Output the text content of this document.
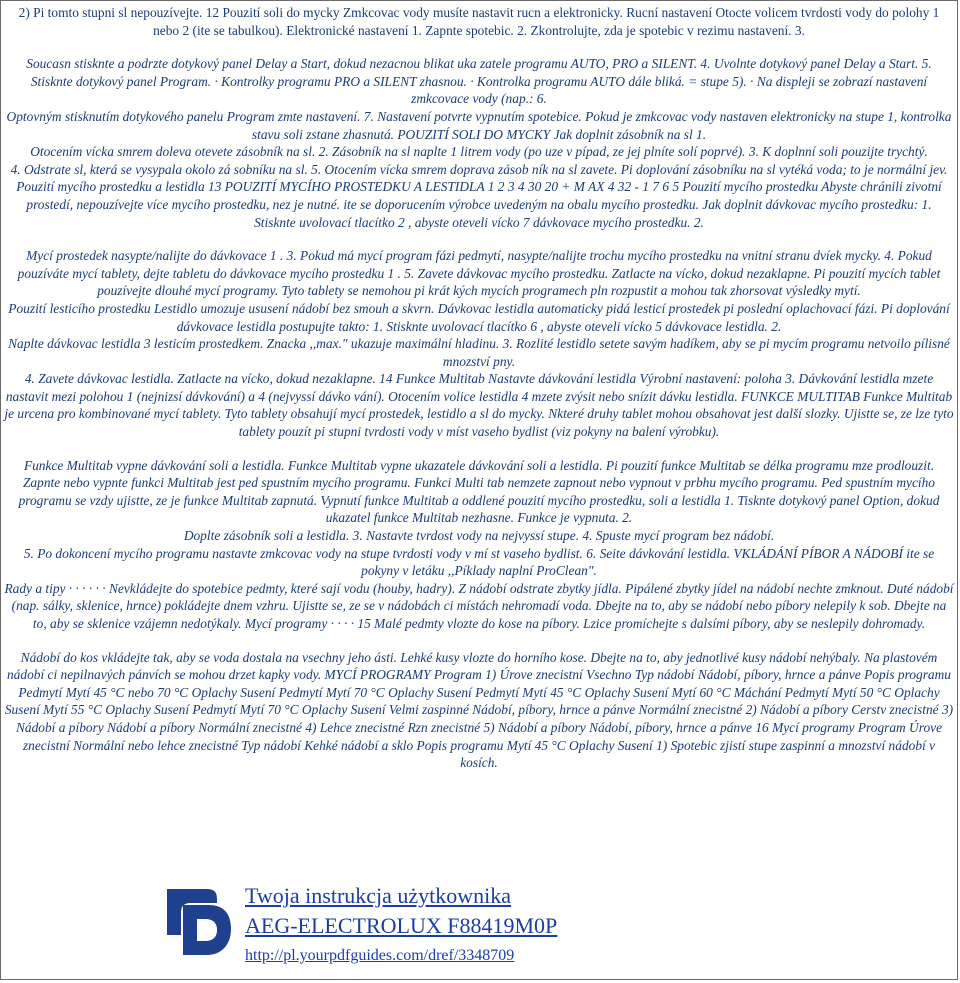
2) Pi tomto stupni sl nepouzívejte. 12 Pouzití soli do mycky Zmkcovac vody musíte nastavit rucn a elektronicky. Rucní nastavení Otocte volicem tvrdosti vody do polohy 1 nebo 2 (ite se tabulkou). Elektronické nastavení 1. Zapnte spotebic. 2. Zkontrolujte, zda je spotebic v rezimu nastavení. 3.

Soucasn stisknte a podrzte dotykový panel Delay a Start, dokud nezacnou blikat uka zatele programu AUTO, PRO a SILENT. 4. Uvolnte dotykový panel Delay a Start. 5. Stisknte dotykový panel Program. · Kontrolky programu PRO a SILENT zhasnou. · Kontrolka programu AUTO dále bliká. = stupe 5). · Na displeji se zobrazí nastavení zmkcovace vody (nap.: 6.

Optovným stisknutím dotykového panelu Program zmte nastavení. 7. Nastavení potvrte vypnutím spotebice. Pokud je zmkcovac vody nastaven elektronicky na stupe 1, kontrolka stavu soli zstane zhasnutá. POUZITÍ SOLI DO MYCKY Jak doplnit zásobník na sl 1.

Otocením vícka smrem doleva otevete zásobník na sl. 2. Zásobník na sl naplte 1 litrem vody (po uze v pípad, ze jej plníte solí poprvé). 3. K doplnní soli pouzijte trychtý.

4. Odstrate sl, která se vysypala okolo zá sobníku na sl. 5. Otocením vícka smrem doprava zásob ník na sl zavete. Pi doplování zásobníku na sl vytéká voda; to je normální jev. Pouzití mycího prostedku a lestidla 13 POUZITÍ MYCÍHO PROSTEDKU A LESTIDLA 1 2 3 4 30 20 + M AX 4 32 - 1 7 6 5 Pouzití mycího prostedku Abyste chránili zivotní prostedí, nepouzívejte více mycího prostedku, nez je nutné. ite se doporucením výrobce uvedeným na obalu mycího prostedku. Jak doplnit dávkovac mycího prostedku: 1. Stisknte uvolovací tlacítko 2 , abyste oteveli vícko 7 dávkovace mycího prostedku. 2.

Mycí prostedek nasypte/nalijte do dávkovace 1 . 3. Pokud má mycí program fázi pedmytí, nasypte/nalijte trochu mycího prostedku na vnitní stranu dvíek mycky. 4. Pokud pouzíváte mycí tablety, dejte tabletu do dávkovace mycího prostedku 1 . 5. Zavete dávkovac mycího prostedku. Zatlacte na vícko, dokud nezaklapne. Pi pouzití mycích tablet pouzívejte dlouhé mycí programy. Tyto tablety se nemohou pi krát kých mycích programech pln rozpustit a mohou tak zhorsovat výsledky mytí.

Pouzití lesticího prostedku Lestidlo umozuje ususení nádobí bez smouh a skvrn. Dávkovac lestidla automaticky pidá lesticí prostedek pi poslední oplachovací fázi. Pi doplování dávkovace lestidla postupujte takto: 1. Stisknte uvolovací tlacítko 6 , abyste oteveli vícko 5 dávkovace lestidla. 2.

Naplte dávkovac lestidla 3 lesticím prostedkem. Znacka ,,max." ukazuje maximální hladinu. 3. Rozlité lestidlo setete savým hadíkem, aby se pi mycím programu netvoilo pílisné mnozství pny.

4. Zavete dávkovac lestidla. Zatlacte na vícko, dokud nezaklapne. 14 Funkce Multitab Nastavte dávkování lestidla Výrobní nastavení: poloha 3. Dávkování lestidla mzete nastavit mezi polohou 1 (nejnizsí dávkování) a 4 (nejvyssí dávko vání). Otocením volice lestidla 4 mzete zvýsit nebo snízit dávku lestidla. FUNKCE MULTITAB Funkce Multitab je urcena pro kombinované mycí tablety. Tyto tablety obsahují mycí prostedek, lestidlo a sl do mycky. Nkteré druhy tablet mohou obsahovat jest další slozky. Ujistte se, ze lze tyto tablety pouzít pi stupni tvrdosti vody v míst vaseho bydlist (viz pokyny na balení výrobku).

Funkce Multitab vypne dávkování soli a lestidla. Funkce Multitab vypne ukazatele dávkování soli a lestidla. Pi pouzití funkce Multitab se délka programu mze prodlouzit. Zapnte nebo vypnte funkci Multitab jest ped spustním mycího programu. Funkci Multi tab nemzete zapnout nebo vypnout v prbhu mycího programu. Ped spustním mycího programu se vzdy ujistte, ze je funkce Multitab zapnutá. Vypnutí funkce Multitab a oddlené pouzití mycího prostedku, soli a lestidla 1. Tisknte dotykový panel Option, dokud ukazatel funkce Multitab nezhasne. Funkce je vypnuta. 2.

Doplte zásobník soli a lestidla. 3. Nastavte tvrdost vody na nejvyssí stupe. 4. Spuste mycí program bez nádobí.

5. Po dokoncení mycího programu nastavte zmkcovac vody na stupe tvrdosti vody v mí st vaseho bydlist. 6. Seite dávkování lestidla. VKLÁDÁNÍ PÍBOR A NÁDOBÍ ite se pokyny v letáku ,,Píklady naplní ProClean".

Rady a tipy · · · · · · Nevkládejte do spotebice pedmty, které sají vodu (houby, hadry). Z nádobí odstrate zbytky jídla. Pipálené zbytky jídel na nádobí nechte zmknout. Duté nádobí (nap. sálky, sklenice, hrnce) pokládejte dnem vzhru. Ujistte se, ze se v nádobách ci místách nehromadí voda. Dbejte na to, aby se nádobí nebo píbory nelepily k sob. Dbejte na to, aby se sklenice vzájemn nedotýkaly. Mycí programy · · · · 15 Malé pedmty vlozte do kose na píbory. Lzice promíchejte s dalsími píbory, aby se neslepily dohromady.

Nádobí do kos vkládejte tak, aby se voda dostala na vsechny jeho ásti. Lehké kusy vlozte do horního kose. Dbejte na to, aby jednotlivé kusy nádobí nehýbaly. Na plastovém nádobí ci nepilnavých pánvích se mohou drzet kapky vody. MYCÍ PROGRAMY Program 1) Úrove znecistní Vsechno Typ nádobí Nádobí, píbory, hrnce a pánve Popis programu Pedmytí Mytí 45 °C nebo 70 °C Oplachy Susení Pedmytí Mytí 70 °C Oplachy Susení Pedmytí Mytí 45 °C Oplachy Susení Mytí 60 °C Máchání Pedmytí Mytí 50 °C Oplachy Susení Mytí 55 °C Oplachy Susení Pedmytí Mytí 70 °C Oplachy Susení Velmi zaspinné Nádobí, píbory, hrnce a pánve Normální znecistné 2) Nádobí a píbory Cerstv znecistné 3) Nádobí a píbory Nádobí a píbory Normální znecistné 4) Lehce znecistné Rzn znecistné 5) Nádobí a píbory Nádobí, píbory, hrnce a pánve 16 Mycí programy Program Úrove znecistní Normální nebo lehce znecistné Typ nádobí Kehké nádobí a sklo Popis programu Mytí 45 °C Oplachy Susení 1) Spotebic zjistí stupe zaspinní a mnozství nádobí v kosích.

Twoja instrukcja użytkownika
AEG-ELECTROLUX F88419M0P
http://pl.yourpdfguides.com/dref/3348709
